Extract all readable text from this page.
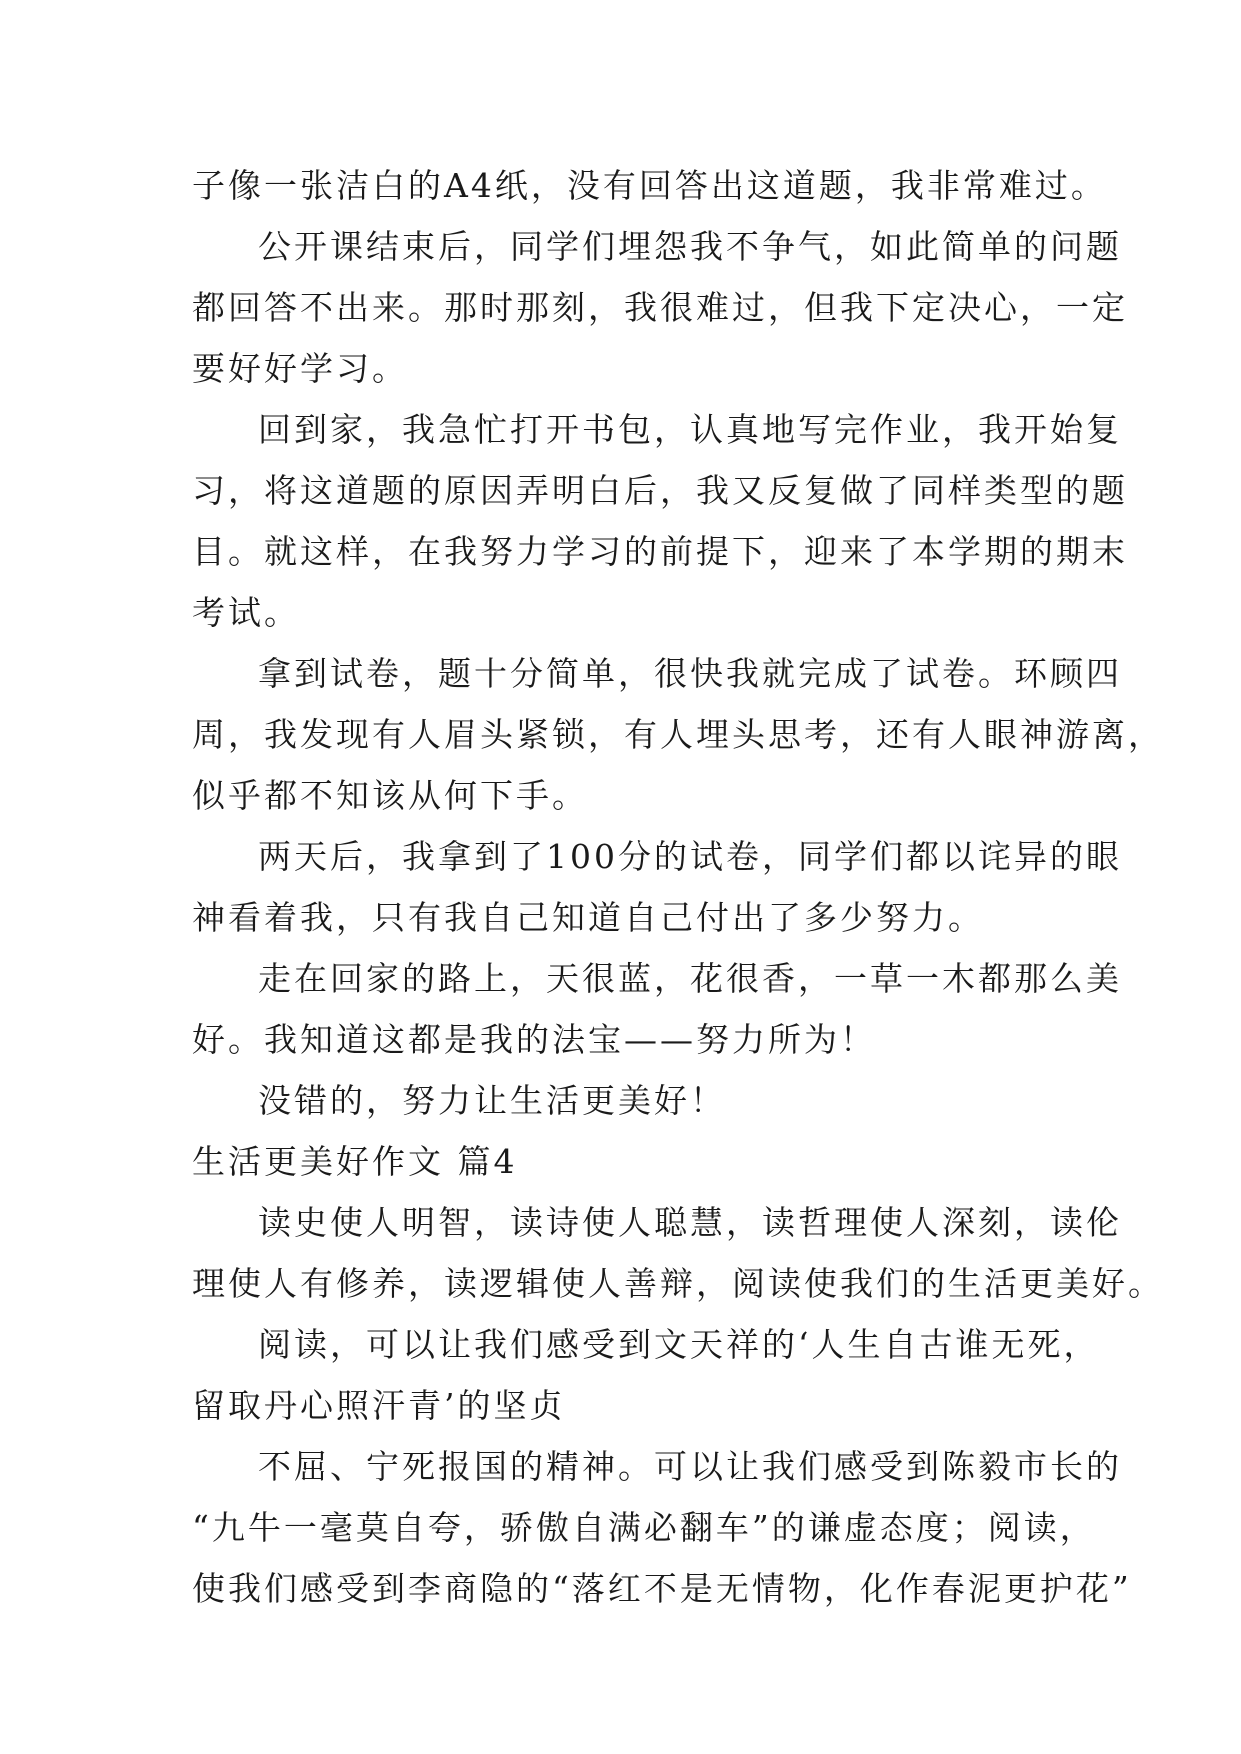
子像一张洁白的A4纸，没有回答出这道题，我非常难过。
公开课结束后，同学们埋怨我不争气，如此简单的问题
都回答不出来。那时那刻，我很难过，但我下定决心，一定
要好好学习。
回到家，我急忙打开书包，认真地写完作业，我开始复
习，将这道题的原因弄明白后，我又反复做了同样类型的题
目。就这样，在我努力学习的前提下，迎来了本学期的期末
考试。
拿到试卷，题十分简单，很快我就完成了试卷。环顾四
周，我发现有人眉头紧锁，有人埋头思考，还有人眼神游离，
似乎都不知该从何下手。
两天后，我拿到了100分的试卷，同学们都以诧异的眼
神看着我，只有我自己知道自己付出了多少努力。
走在回家的路上，天很蓝，花很香，一草一木都那么美
好。我知道这都是我的法宝——努力所为！
没错的，努力让生活更美好！
生活更美好作文 篇4
读史使人明智，读诗使人聪慧，读哲理使人深刻，读伦
理使人有修养，读逻辑使人善辩，阅读使我们的生活更美好。
阅读，可以让我们感受到文天祥的‘人生自古谁无死，
留取丹心照汗青’的坚贞
不屈、宁死报国的精神。可以让我们感受到陈毅市长的
“九牛一毫莫自夸，骄傲自满必翻车”的谦虚态度；阅读，
使我们感受到李商隐的“落红不是无情物，化作春泥更护花”
